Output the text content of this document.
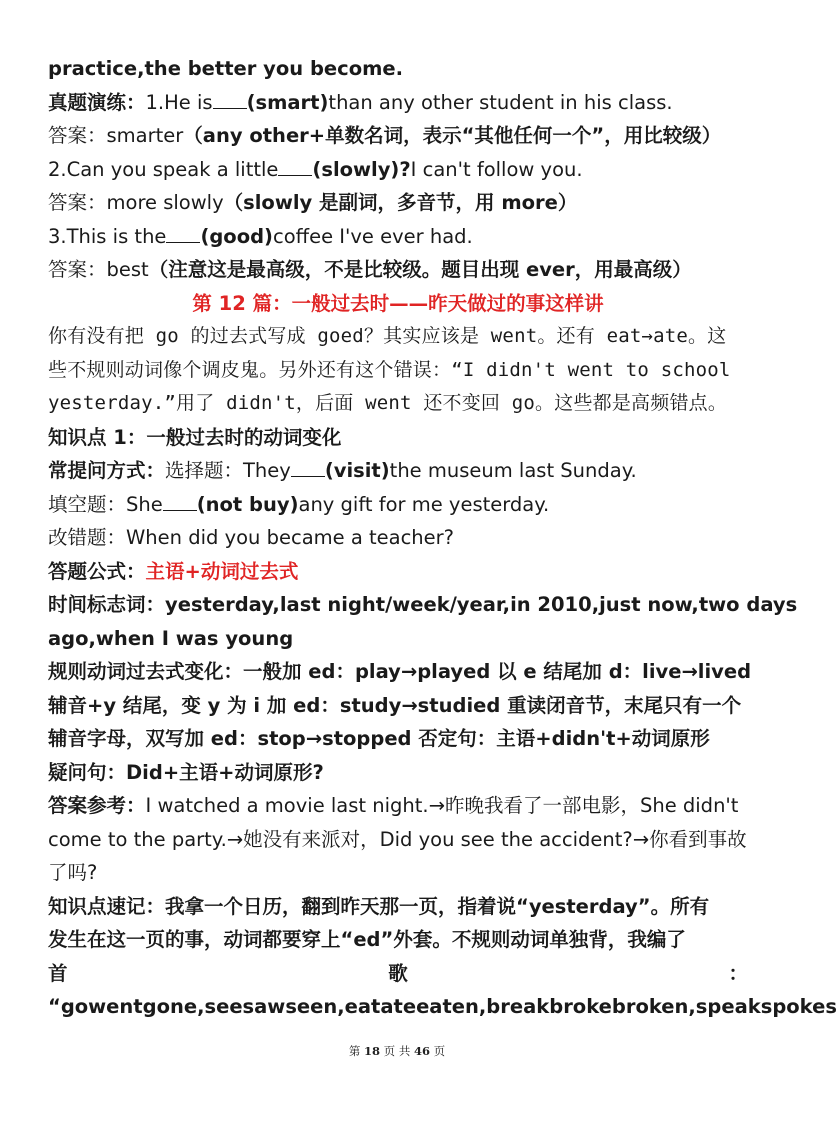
practice,the better you become.
真题演练：1.He is (smart)than any other student in his class.
答案：smarter（any other+单数名词，表示“其他任何一个”，用比较级）
2.Can you speak a little (slowly)?I can't follow you.
答案：more slowly（slowly 是副词，多音节，用 more）
3.This is the (good)coffee I've ever had.
答案：best（注意这是最高级，不是比较级。题目出现 ever，用最高级）
第 12 篇：一般过去时——昨天做过的事这样讲
你有没有把 go 的过去式写成 goed？其实应该是 went。还有 eat→ate。这
些不规则动词像个调皮鬼。另外还有这个错误：“I didn't went to school
yesterday.”用了 didn't，后面 went 还不变回 go。这些都是高频错点。
知识点 1：一般过去时的动词变化
常提问方式：选择题：They (visit)the museum last Sunday.
填空题：She (not buy)any gift for me yesterday.
改错题：When did you became a teacher?
答题公式：主语+动词过去式
时间标志词：yesterday,last night/week/year,in 2010,just now,two days
ago,when I was young
规则动词过去式变化：一般加 ed：play→played 以 e 结尾加 d：live→lived
辅音+y 结尾，变 y 为 i 加 ed：study→studied 重读闭音节，末尾只有一个
辅音字母，双写加 ed：stop→stopped 否定句：主语+didn't+动词原形
疑问句：Did+主语+动词原形?
答案参考：I watched a movie last night.→昨晚我看了一部电影，She didn't
come to the party.→她没有来派对，Did you see the accident?→你看到事故
了吗?
知识点速记：我拿一个日历，翻到昨天那一页，指着说“yesterday”。所有
发生在这一页的事，动词都要穿上“ed”外套。不规则动词单独背，我编了
首	歌	：
“gowentgone,seesawseen,eatateeaten,breakbrokebroken,speakspokes
第 18 页 共 46 页
